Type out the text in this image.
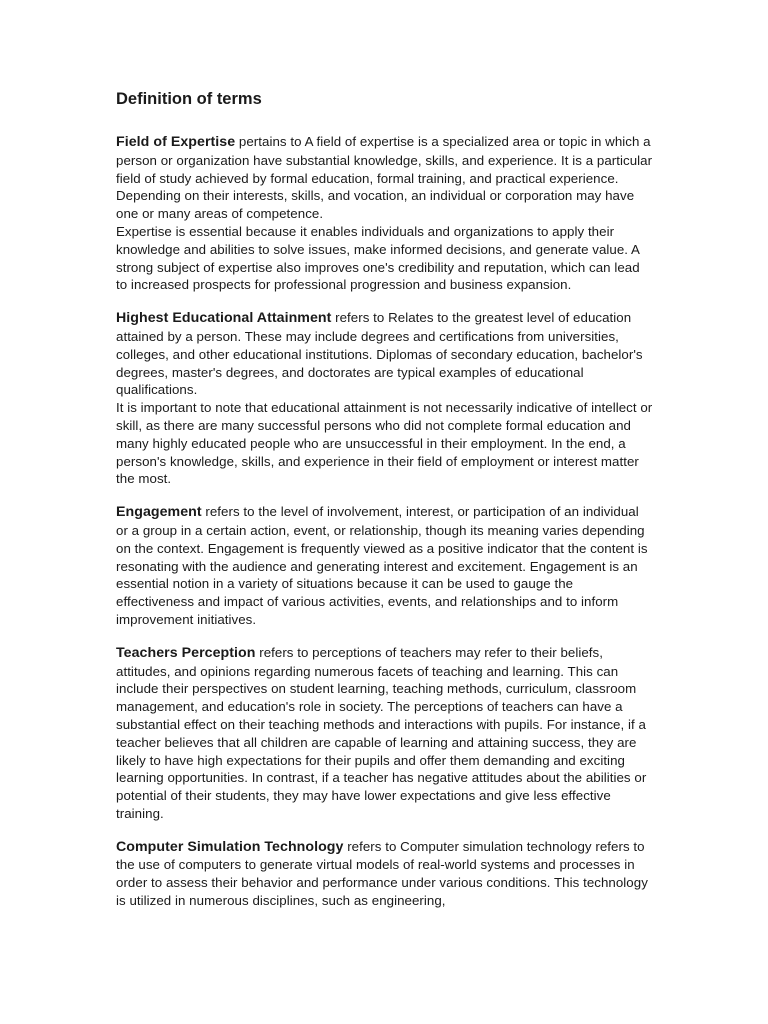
Definition of terms

Field of Expertise pertains to A field of expertise is a specialized area or topic in which a person or organization have substantial knowledge, skills, and experience. It is a particular field of study achieved by formal education, formal training, and practical experience. Depending on their interests, skills, and vocation, an individual or corporation may have one or many areas of competence.

Expertise is essential because it enables individuals and organizations to apply their knowledge and abilities to solve issues, make informed decisions, and generate value. A strong subject of expertise also improves one's credibility and reputation, which can lead to increased prospects for professional progression and business expansion.

Highest Educational Attainment refers to Relates to the greatest level of education attained by a person. These may include degrees and certifications from universities, colleges, and other educational institutions. Diplomas of secondary education, bachelor's degrees, master's degrees, and doctorates are typical examples of educational qualifications.

It is important to note that educational attainment is not necessarily indicative of intellect or skill, as there are many successful persons who did not complete formal education and many highly educated people who are unsuccessful in their employment. In the end, a person's knowledge, skills, and experience in their field of employment or interest matter the most.

Engagement refers to the level of involvement, interest, or participation of an individual or a group in a certain action, event, or relationship, though its meaning varies depending on the context. Engagement is frequently viewed as a positive indicator that the content is resonating with the audience and generating interest and excitement. Engagement is an essential notion in a variety of situations because it can be used to gauge the effectiveness and impact of various activities, events, and relationships and to inform improvement initiatives.

Teachers Perception refers to perceptions of teachers may refer to their beliefs, attitudes, and opinions regarding numerous facets of teaching and learning. This can include their perspectives on student learning, teaching methods, curriculum, classroom management, and education's role in society. The perceptions of teachers can have a substantial effect on their teaching methods and interactions with pupils. For instance, if a teacher believes that all children are capable of learning and attaining success, they are likely to have high expectations for their pupils and offer them demanding and exciting learning opportunities. In contrast, if a teacher has negative attitudes about the abilities or potential of their students, they may have lower expectations and give less effective training.

Computer Simulation Technology refers to Computer simulation technology refers to the use of computers to generate virtual models of real-world systems and processes in order to assess their behavior and performance under various conditions. This technology is utilized in numerous disciplines, such as engineering,
